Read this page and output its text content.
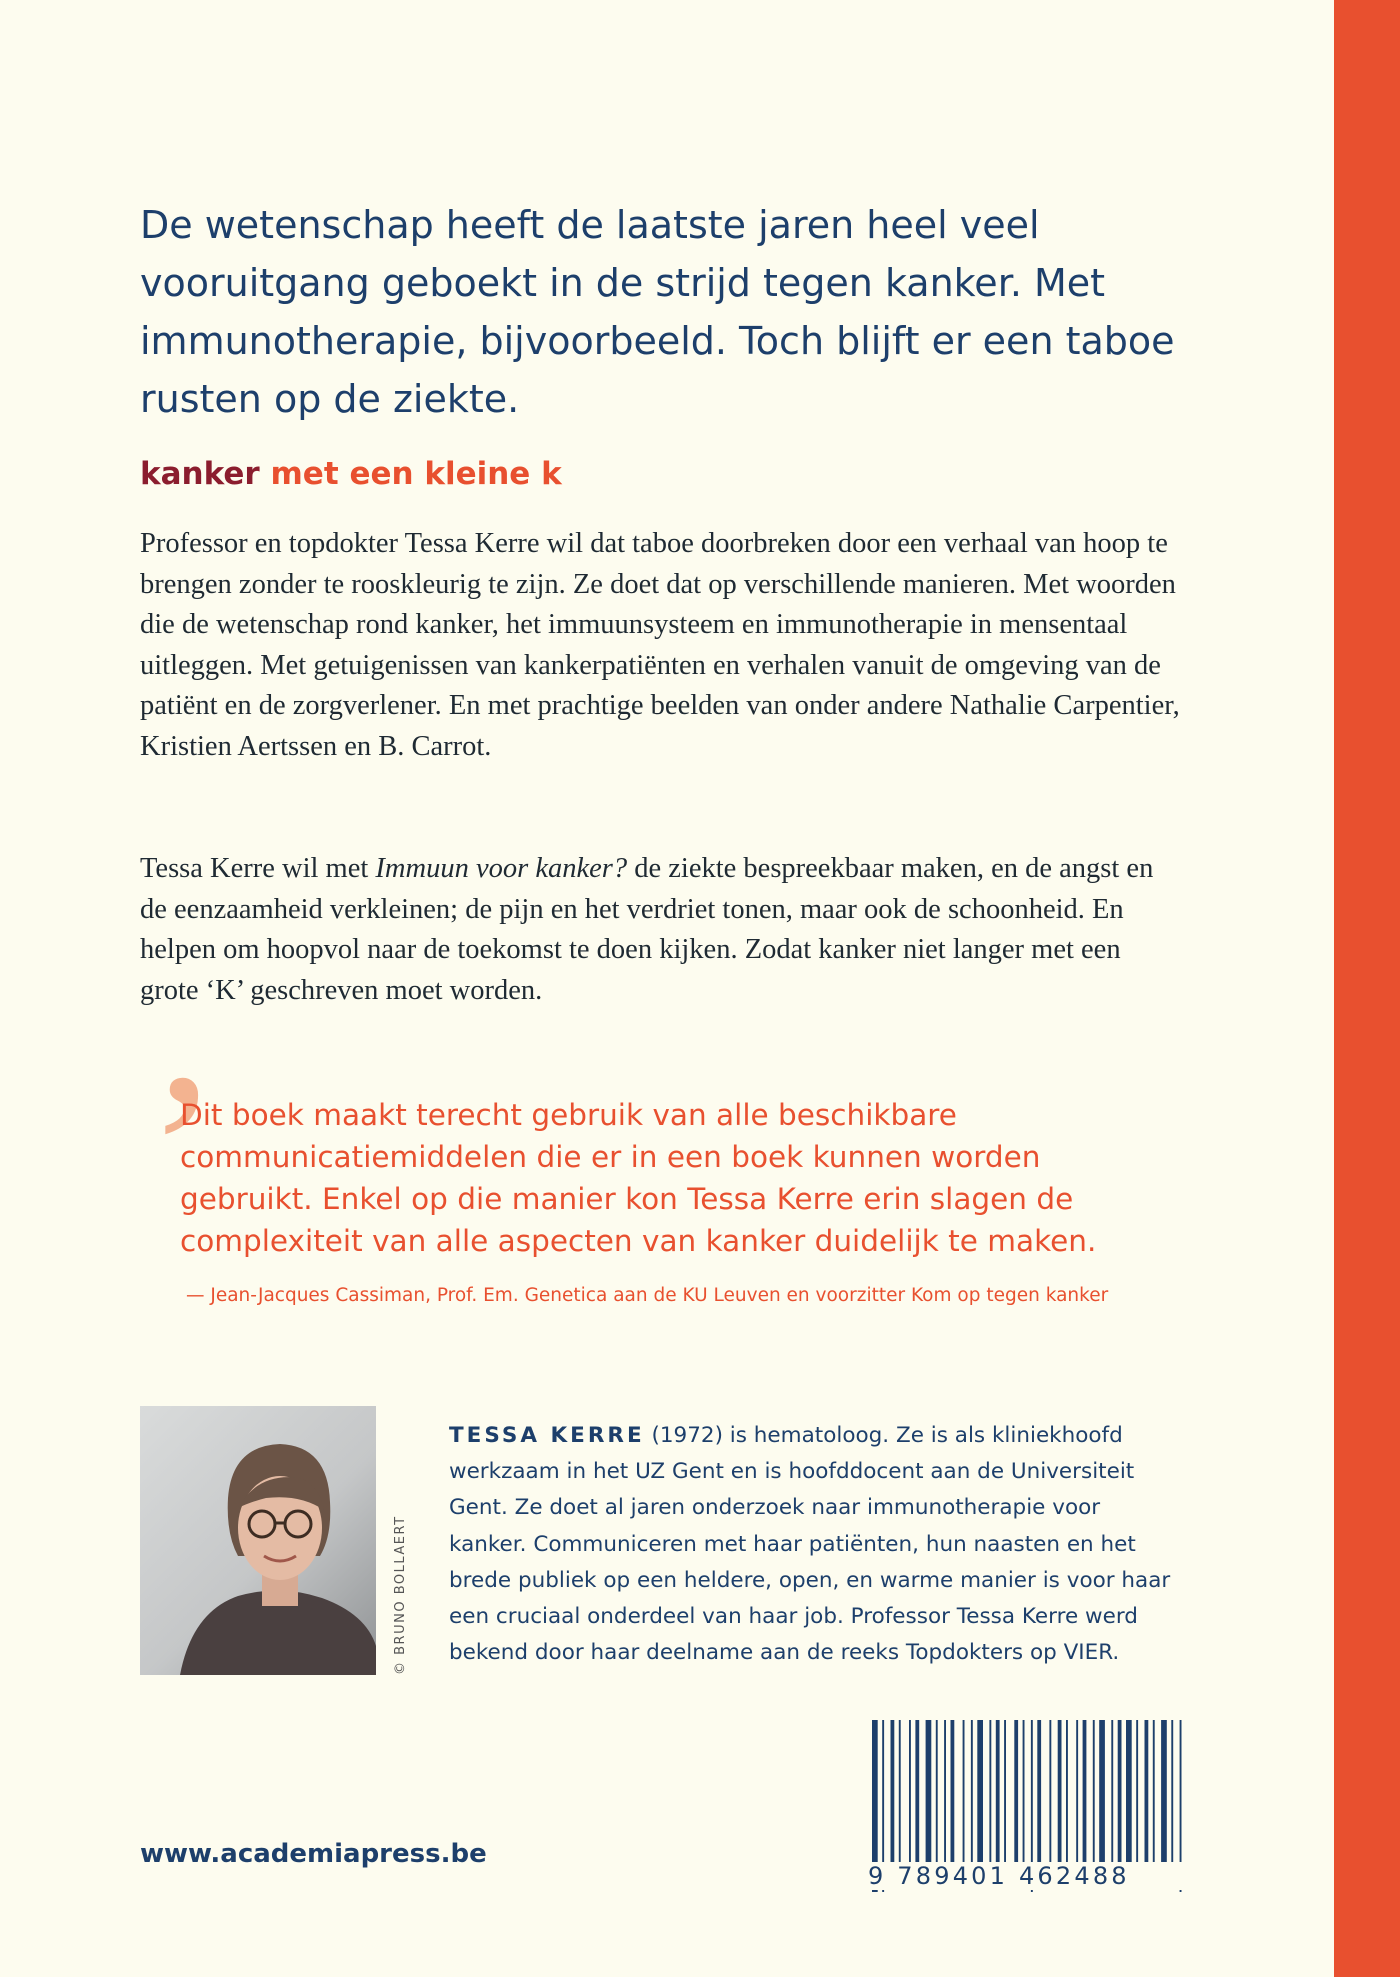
De wetenschap heeft de laatste jaren heel veel vooruitgang geboekt in de strijd tegen kanker. Met immunotherapie, bijvoorbeeld. Toch blijft er een taboe rusten op de ziekte.

kanker met een kleine k

Professor en topdokter Tessa Kerre wil dat taboe doorbreken door een verhaal van hoop te brengen zonder te rooskleurig te zijn. Ze doet dat op verschillende manieren. Met woorden die de wetenschap rond kanker, het immuunsysteem en immunotherapie in mensentaal uitleggen. Met getuigenissen van kankerpatiënten en verhalen vanuit de omgeving van de patiënt en de zorgverlener. En met prachtige beelden van onder andere Nathalie Carpentier, Kristien Aertssen en B. Carrot.

Tessa Kerre wil met Immuun voor kanker? de ziekte bespreekbaar maken, en de angst en de eenzaamheid verkleinen; de pijn en het verdriet tonen, maar ook de schoonheid. En helpen om hoopvol naar de toekomst te doen kijken. Zodat kanker niet langer met een grote ‘K’ geschreven moet worden.

’

Dit boek maakt terecht gebruik van alle beschikbare communicatiemiddelen die er in een boek kunnen worden gebruikt. Enkel op die manier kon Tessa Kerre erin slagen de complexiteit van alle aspecten van kanker duidelijk te maken.

— Jean-Jacques Cassiman, Prof. Em. Genetica aan de KU Leuven en voorzitter Kom op tegen kanker

© BRUNO BOLLAERT

TESSA KERRE (1972) is hematoloog. Ze is als kliniekhoofd werkzaam in het UZ Gent en is hoofddocent aan de Universiteit Gent. Ze doet al jaren onderzoek naar immunotherapie voor kanker. Communiceren met haar patiënten, hun naasten en het brede publiek op een heldere, open, en warme manier is voor haar een cruciaal onderdeel van haar job. Professor Tessa Kerre werd bekend door haar deelname aan de reeks Topdokters op VIER.

www.academiapress.be

9 789401 462488
